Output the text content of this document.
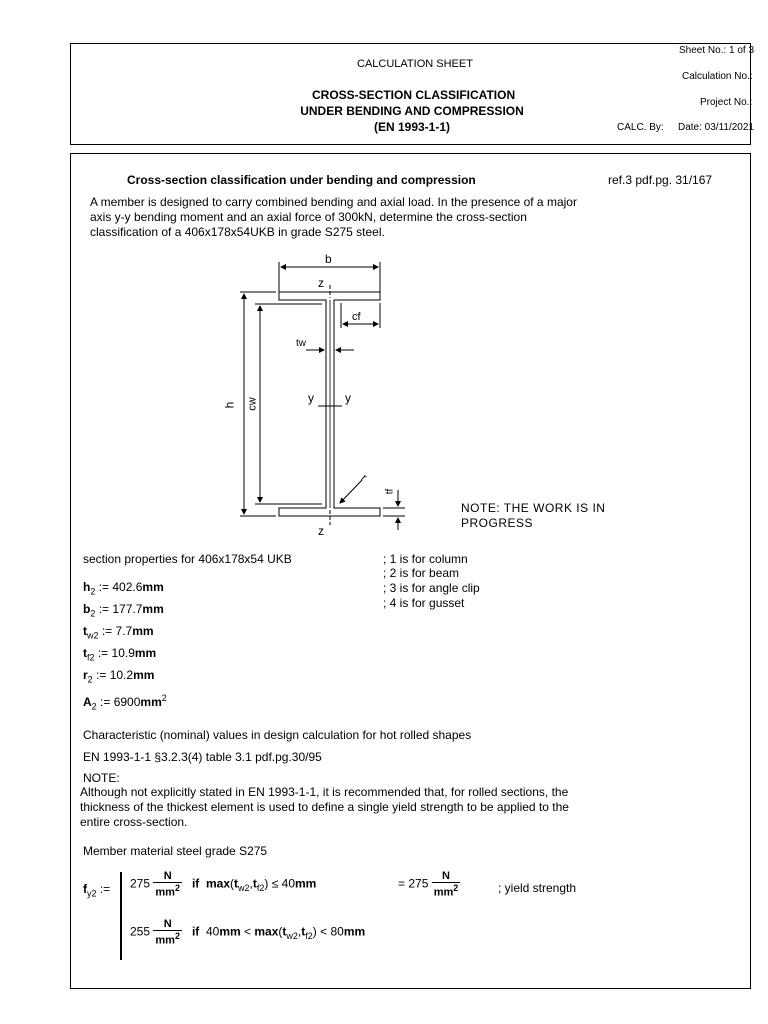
Sheet No.: 1 of 3
CALCULATION SHEET
Calculation No.:
CROSS-SECTION CLASSIFICATION
UNDER BENDING AND COMPRESSION
(EN 1993-1-1)
Project No.:
CALC. By: Date: 03/11/2021
Cross-section classification under bending and compression	ref.3 pdf.pg. 31/167
A member is designed to carry combined bending and axial load. In the presence of a major
axis y-y bending moment and an axial force of 300kN, determine the cross-section
classification of a 406x178x54UKB in grade S275 steel.
b
z
cf
tw
h cw	y	y
r
tf
z
NOTE: THE WORK IS IN
PROGRESS
section properties for 406x178x54 UKB	; 1 is for column
; 2 is for beam
; 3 is for angle clip
; 4 is for gusset
$h_2$ := 402.6mm
$b_2$ := 177.7mm
$t_{w2}$ := 7.7mm
$t_{f2}$ := 10.9mm
$r_2$ := 10.2mm
$A_2$ := $6900mm^2$
Characteristic (nominal) values in design calculation for hot rolled shapes
EN 1993-1-1 §3.2.3(4) table 3.1 pdf.pg.30/95
NOTE:
Although not explicitly stated in EN 1993-1-1, it is recommended that, for rolled sections, the
thickness of the thickest element is used to define a single yield strength to be applied to the
entire cross-section.
Member material steel grade S275
$f_{y2}$ := $275 \frac{N}{mm^2}$ if $\max(t_{w2},t_{f2}) \le 40mm$	= $275 \frac{N}{mm^2}$	; yield strength
$255 \frac{N}{mm^2}$ if $40mm < \max(t_{w2},t_{f2}) < 80mm$
